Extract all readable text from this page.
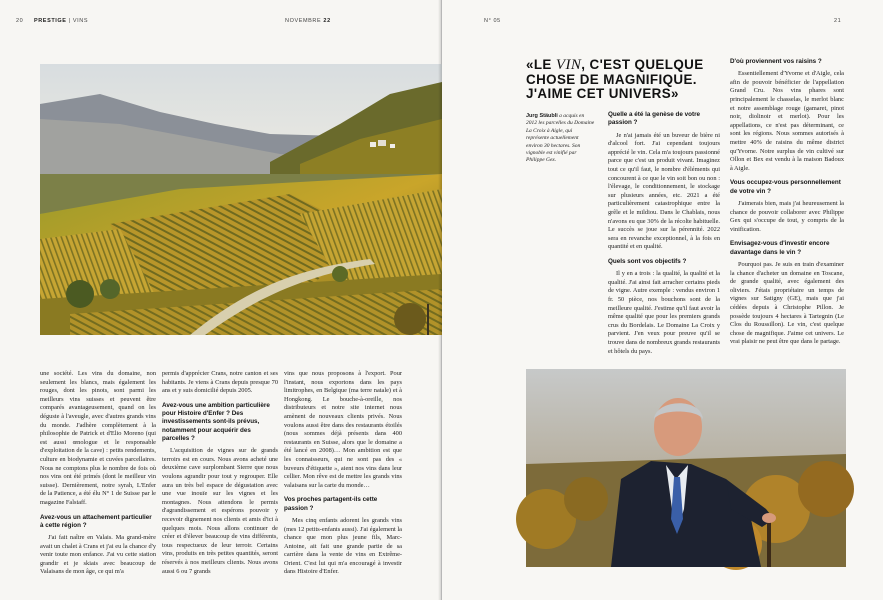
20 PRESTIGE | VINS

une société. Les vins du domaine, non seulement les blancs, mais également les rouges, dont les pinots, sont parmi les meilleurs vins suisses et peuvent être comparés avantageusement, quand on les déguste à l'aveugle, avec d'autres grands vins du monde. J'adhère complètement à la philosophie de Patrick et d'Elio Moreno (qui est aussi œnologue et le responsable d'exploitation de la cave) : petits rendements, culture en biodynamie et cuvées parcellaires. Nous ne comptons plus le nombre de fois où nos vins ont été primés (dont le meilleur vin suisse). Dernièrement, notre syrah, L'Enfer de la Patience, a été élu N° 1 de Suisse par le magazine Falstaff.

Avez-vous un attachement particulier à cette région ?

J'ai fait naître en Valais. Ma grand-mère avait un chalet à Crans et j'ai eu la chance d'y venir toute mon enfance. J'ai vu cette station grandir et je skiais avec beaucoup de Valaisans de mon âge, ce qui m'a

permis d'apprécier Crans, notre canton et ses habitants. Je viens à Crans depuis presque 70 ans et y suis domicilié depuis 2005.

Avez-vous une ambition particulière pour Histoire d'Enfer ? Des investissements sont-ils prévus, notamment pour acquérir des parcelles ?

L'acquisition de vignes sur de grands terroirs est en cours. Nous avons acheté une deuxième cave surplombant Sierre que nous voulons agrandir pour tout y regrouper. Elle aura un très bel espace de dégustation avec une vue inouïe sur les vignes et les montagnes. Nous attendons le permis d'agrandissement et espérons pouvoir y recevoir dignement nos clients et amis d'ici à quelques mois. Nous allons continuer de créer et d'élever beaucoup de vins différents, tous respectueux de leur terroir. Certains vins, produits en très petites quantités, seront réservés à nos meilleurs clients. Nous avons aussi 6 ou 7 grands

vins que nous proposons à l'export. Pour l'instant, nous exportons dans les pays limitrophes, en Belgique (ma terre natale) et à Hongkong. Le bouche-à-oreille, nos distributeurs et notre site internet nous amènent de nouveaux clients privés. Nous voulons aussi être dans des restaurants étoilés (nous sommes déjà présents dans 400 restaurants en Suisse, alors que le domaine a été lancé en 2008)… Mon ambition est que les connaisseurs, qui ne sont pas des « buveurs d'étiquette », aient nos vins dans leur cellier. Mon rêve est de mettre les grands vins valaisans sur la carte du monde…

Vos proches partagent-ils cette passion ?

Mes cinq enfants adorent les grands vins (mes 12 petits-enfants aussi). J'ai également la chance que mon plus jeune fils, Marc-Antoine, ait fait une grande partie de sa carrière dans la vente de vins en Extrême-Orient. C'est lui qui m'a encouragé à investir dans Histoire d'Enfer.

NOVEMBRE 22	N° 05	21
«LE VIN, C'EST QUELQUE CHOSE DE MAGNIFIQUE. J'AIME CET UNIVERS»
Jurg Stäubli a acquis en 2012 les parcelles du Domaine La Croix à Aigle, qui représente actuellement environ 30 hectares. Son vignoble est vinifié par Philippe Gex.
Quelle a été la genèse de votre passion ?

Je n'ai jamais été un buveur de bière ni d'alcool fort. J'ai cependant toujours apprécié le vin. Cela m'a toujours passionné parce que c'est un produit vivant. Imaginez tout ce qu'il faut, le nombre d'éléments qui concourent à ce que le vin soit bon ou non : l'élevage, le conditionnement, le stockage sur plusieurs années, etc. 2021 a été particulièrement catastrophique entre la grêle et le mildiou. Dans le Chablais, nous n'avons eu que 30% de la récolte habituelle. Le succès se joue sur la pérennité. 2022 sera en revanche exceptionnel, à la fois en quantité et en qualité.

Quels sont vos objectifs ?

Il y en a trois : la qualité, la qualité et la qualité. J'ai ainsi fait arracher certains pieds de vigne. Autre exemple : vendus environ 1 fr. 50 pièce, nos bouchons sont de la meilleure qualité. J'estime qu'il faut avoir la même qualité que pour les premiers grands crus du Bordelais. Le Domaine La Croix y parvient. J'en veux pour preuve qu'il se trouve dans de nombreux grands restaurants et hôtels du pays.

D'où proviennent vos raisins ?

Essentiellement d'Yvorne et d'Aigle, cela afin de pouvoir bénéficier de l'appellation Grand Cru. Nos vins phares sont principalement le chasselas, le merlot blanc et notre assemblage rouge (gamaret, pinot noir, diolinoir et merlot). Pour les appellations, ce n'est pas déterminant, ce sont les régions. Nous sommes autorisés à mettre 40% de raisins du même district qu'Yvorne. Notre surplus de vin cultivé sur Ollon et Bex est vendu à la maison Badoux à Aigle.

Vous occupez-vous personnellement de votre vin ?

J'aimerais bien, mais j'ai heureusement la chance de pouvoir collaborer avec Philippe Gex qui s'occupe de tout, y compris de la vinification.

Envisagez-vous d'investir encore davantage dans le vin ?

Pourquoi pas. Je suis en train d'examiner la chance d'acheter un domaine en Toscane, de grande qualité, avec également des oliviers. J'étais propriétaire un temps de vignes sur Satigny (GE), mais que j'ai cédées depuis à Christophe Pillon. Je possède toujours 4 hectares à Tartegnin (Le Clos du Roussillon). Le vin, c'est quelque chose de magnifique. J'aime cet univers. Le vrai plaisir ne peut être que dans le partage.
